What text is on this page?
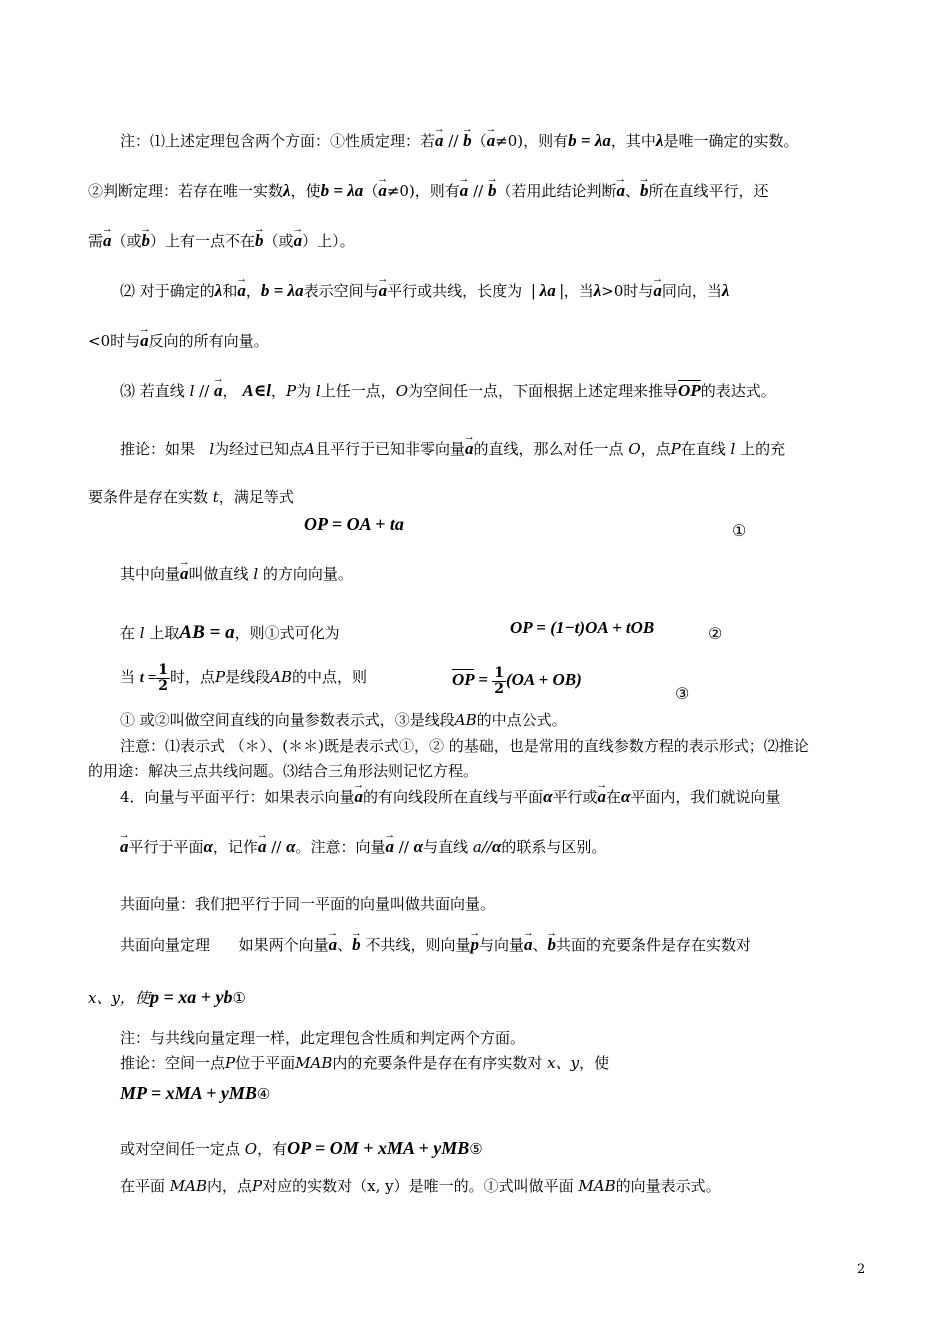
注：⑴上述定理包含两个方面：①性质定理：若→ a // → b（→ a≠0)，则有b = λa，其中λ是唯一确定的实数。
②判断定理：若存在唯一实数λ，使b = λa（→ a≠0)，则有→ a // → b（若用此结论判断→ a、→ b所在直线平行，还
需→ a（或→ b）上有一点不在→ b（或→ a）上）。
⑵ 对于确定的λ和→ a，b = λa表示空间与→ a平行或共线，长度为 | λa |，当λ>0时与→ a同向，当λ
<0时与→ a反向的所有向量。
⑶ 若直线 l // → a， A∈l，P为 l上任一点，O为空间任一点，下面根据上述定理来推导$\overline{OP}$的表达式。
推论：如果 l为经过已知点A且平行于已知非零向量→ a的直线，那么对任一点 O，点P在直线 l 上的充
要条件是存在实数 t，满足等式
OP = OA + ta	①
其中向量→ a叫做直线 l 的方向向量。
在 l 上取AB = a，则①式可化为	OP = (1−t)OA + tOB	②
当 $t = \frac{1}{2}$ 时，点P是线段AB的中点，则	$\overline{OP} = \frac{1}{2} (OA + OB)$
③
① 或②叫做空间直线的向量参数表示式，③是线段AB的中点公式。
注意：⑴表示式 （＊）、(＊＊)既是表示式①，② 的基础，也是常用的直线参数方程的表示形式；⑵推论
的用途：解决三点共线问题。⑶结合三角形法则记忆方程。
4．向量与平面平行：如果表示向量→ a的有向线段所在直线与平面α平行或→ a在α平面内，我们就说向量
→ a平行于平面α，记作→ a // α。注意：向量→ a // α与直线 a//α的联系与区别。
共面向量：我们把平行于同一平面的向量叫做共面向量。
共面向量定理 如果两个向量→ a、→ b 不共线，则向量→ p与向量→ a、→ b共面的充要条件是存在实数对
x、y，使p = xa + yb①
注：与共线向量定理一样，此定理包含性质和判定两个方面。
推论：空间一点P位于平面MAB内的充要条件是存在有序实数对 x、y，使
MP = xMA + yMB④
或对空间任一定点 O，有OP = OM + xMA + yMB⑤
在平面 MAB内，点P对应的实数对（x, y）是唯一的。①式叫做平面 MAB的向量表示式。
2
